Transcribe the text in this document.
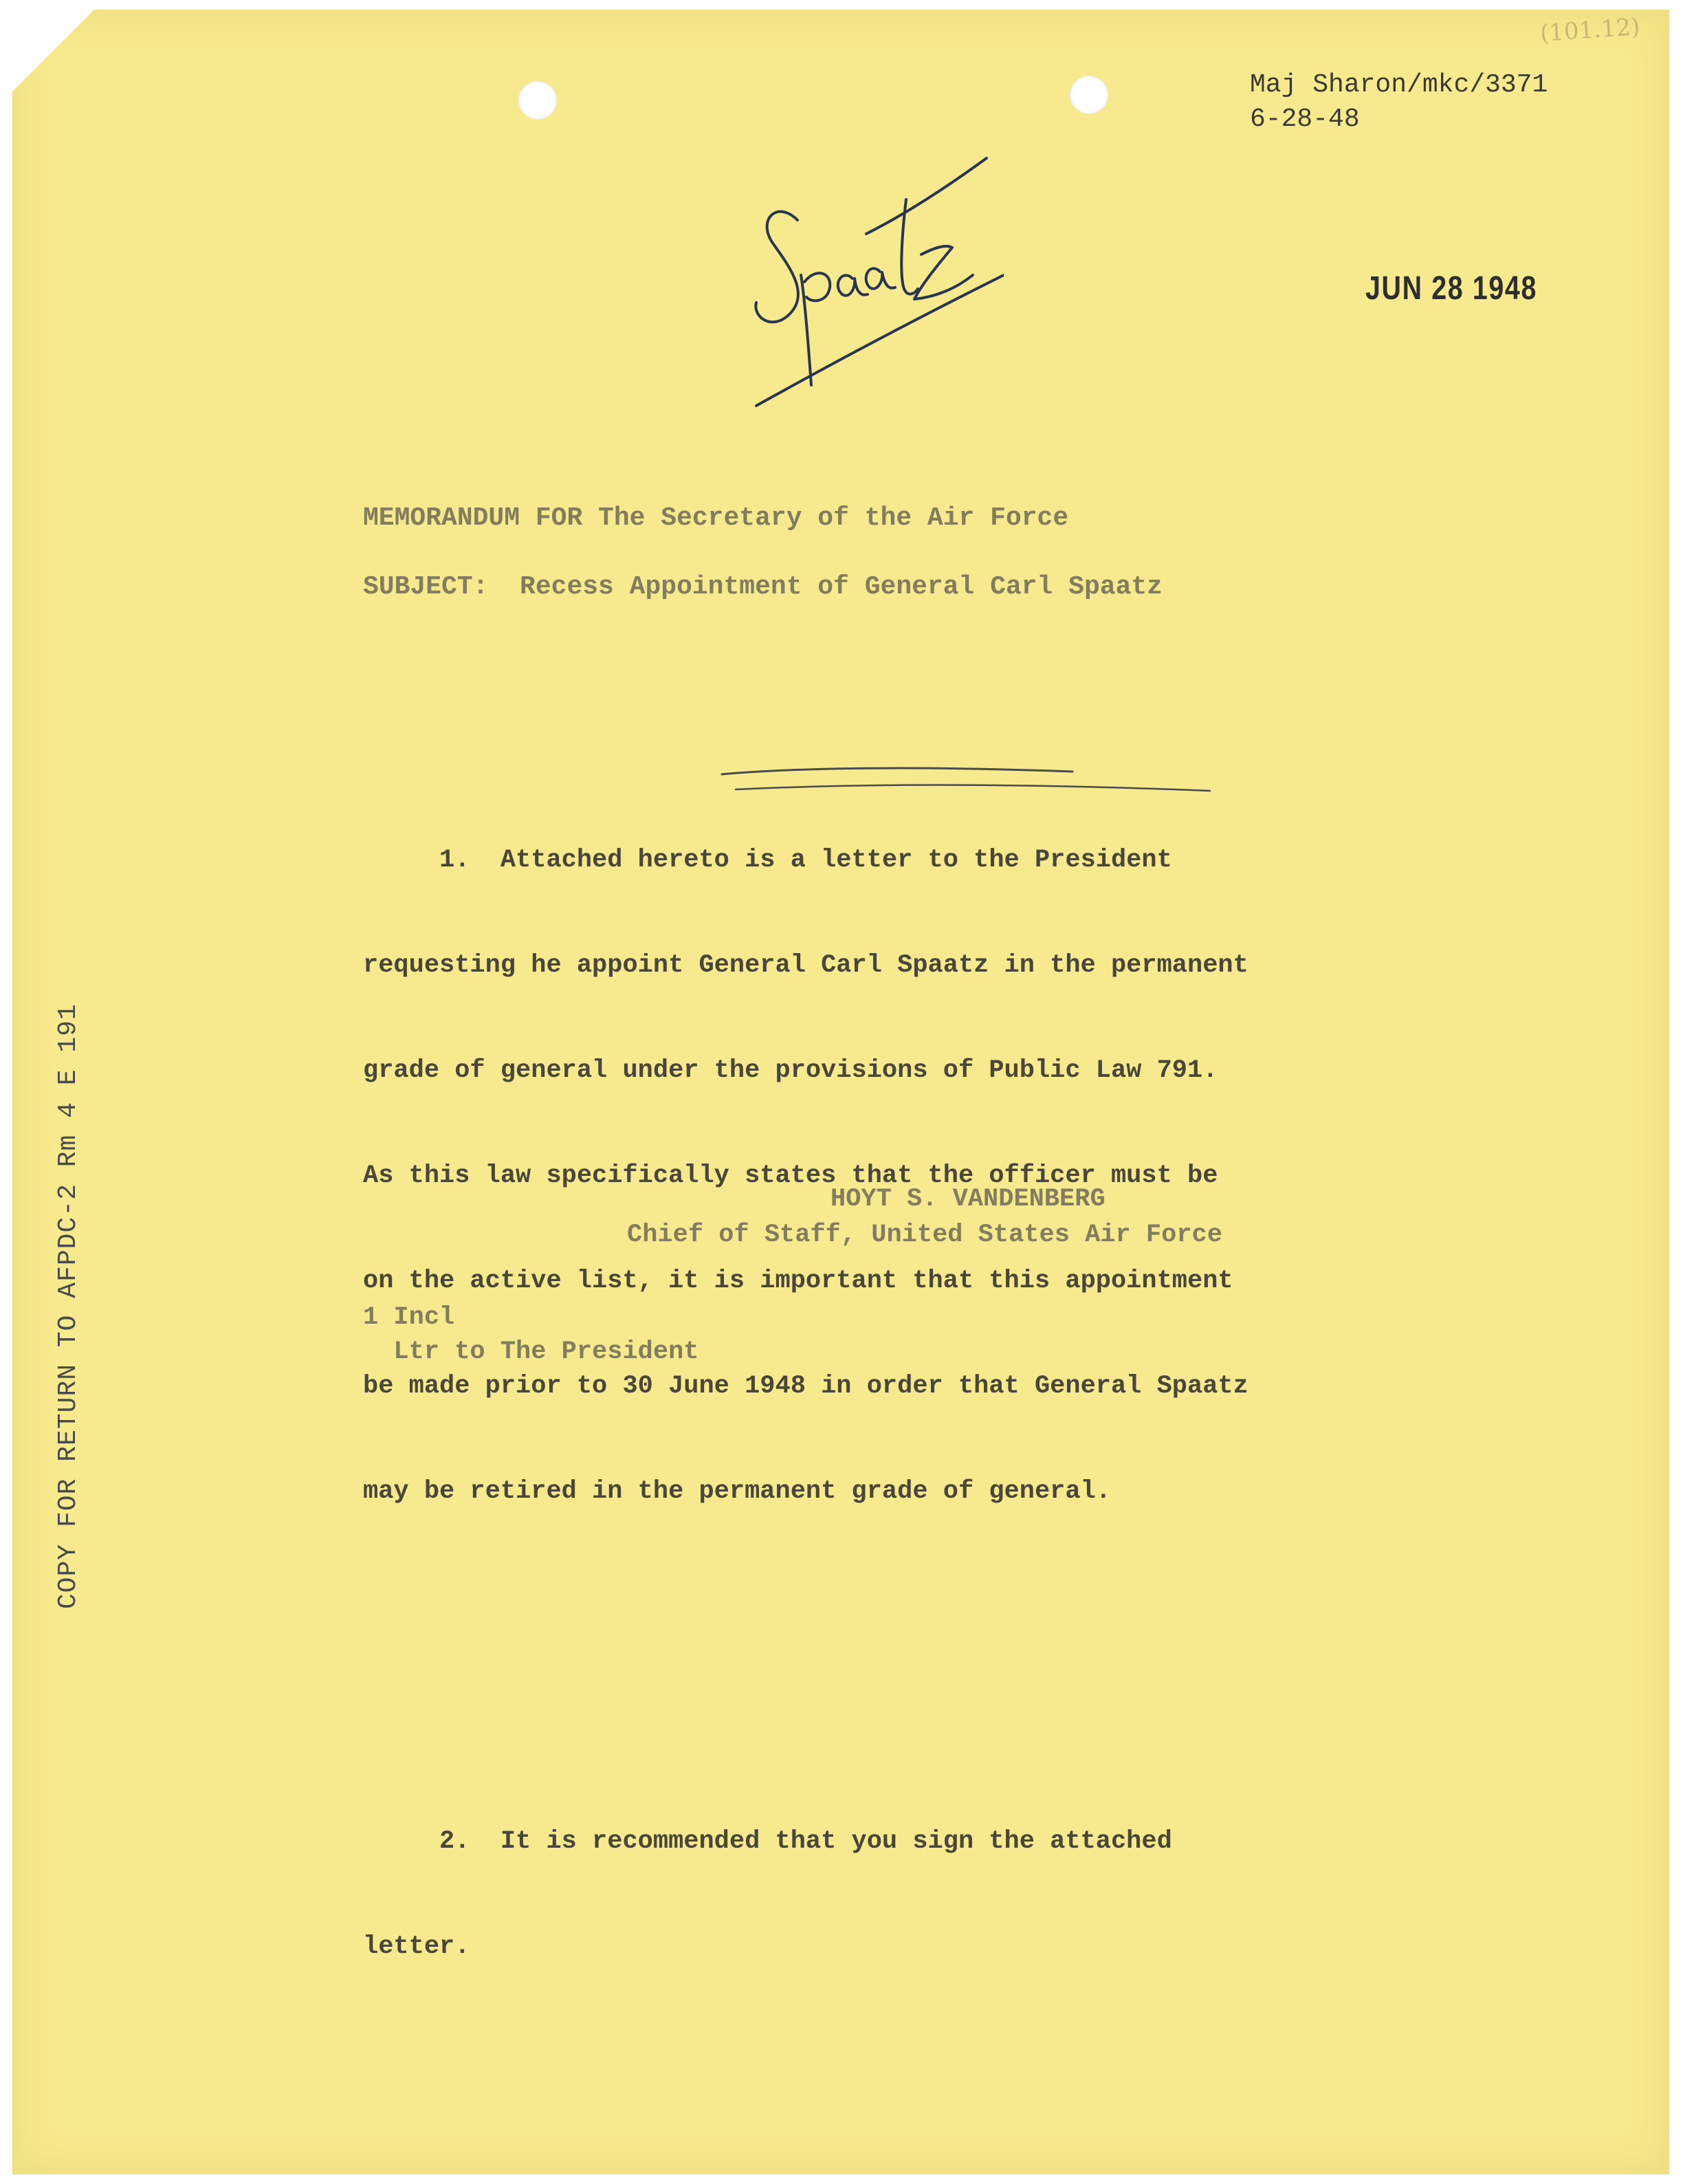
(101.12)
Maj Sharon/mkc/3371
6-28-48
JUN 28 1948
MEMORANDUM FOR The Secretary of the Air Force
SUBJECT:  Recess Appointment of General Carl Spaatz

1.  Attached hereto is a letter to the President

requesting he appoint General Carl Spaatz in the permanent

grade of general under the provisions of Public Law 791.

As this law specifically states that the officer must be

on the active list, it is important that this appointment

be made prior to 30 June 1948 in order that General Spaatz

may be retired in the permanent grade of general.

2.  It is recommended that you sign the attached

letter.

HOYT S. VANDENBERG
Chief of Staff, United States Air Force
1 Incl
Ltr to The President
COPY FOR RETURN TO AFPDC-2 Rm 4 E 191
